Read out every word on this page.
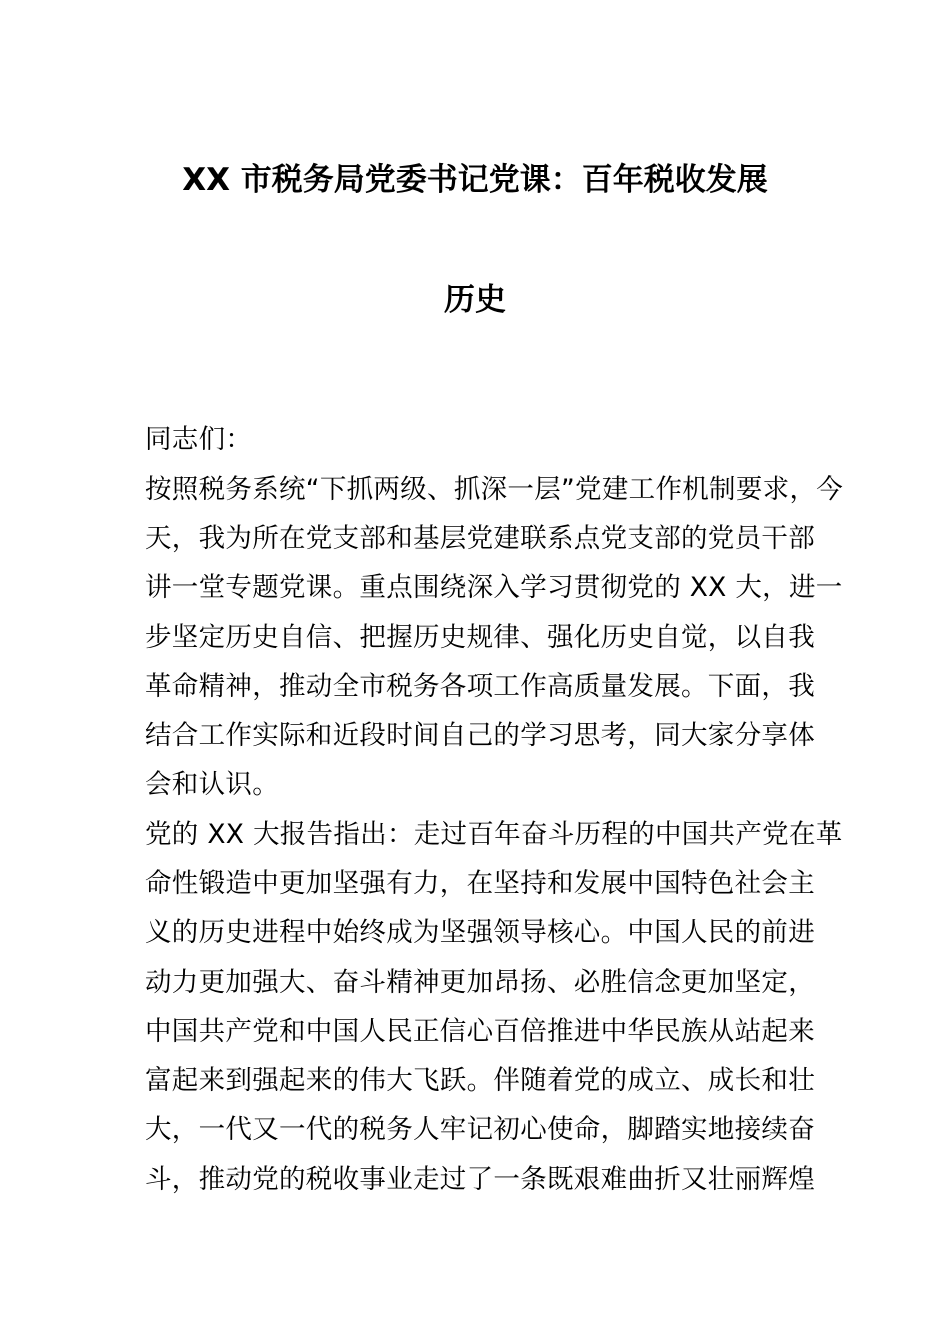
XX 市税务局党委书记党课：百年税收发展
历史
同志们：
按照税务系统“下抓两级、抓深一层”党建工作机制要求，今
天，我为所在党支部和基层党建联系点党支部的党员干部
讲一堂专题党课。重点围绕深入学习贯彻党的 XX 大，进一
步坚定历史自信、把握历史规律、强化历史自觉，以自我
革命精神，推动全市税务各项工作高质量发展。下面，我
结合工作实际和近段时间自己的学习思考，同大家分享体
会和认识。
党的 XX 大报告指出：走过百年奋斗历程的中国共产党在革
命性锻造中更加坚强有力，在坚持和发展中国特色社会主
义的历史进程中始终成为坚强领导核心。中国人民的前进
动力更加强大、奋斗精神更加昂扬、必胜信念更加坚定，
中国共产党和中国人民正信心百倍推进中华民族从站起来
富起来到强起来的伟大飞跃。伴随着党的成立、成长和壮
大，一代又一代的税务人牢记初心使命，脚踏实地接续奋
斗，推动党的税收事业走过了一条既艰难曲折又壮丽辉煌
